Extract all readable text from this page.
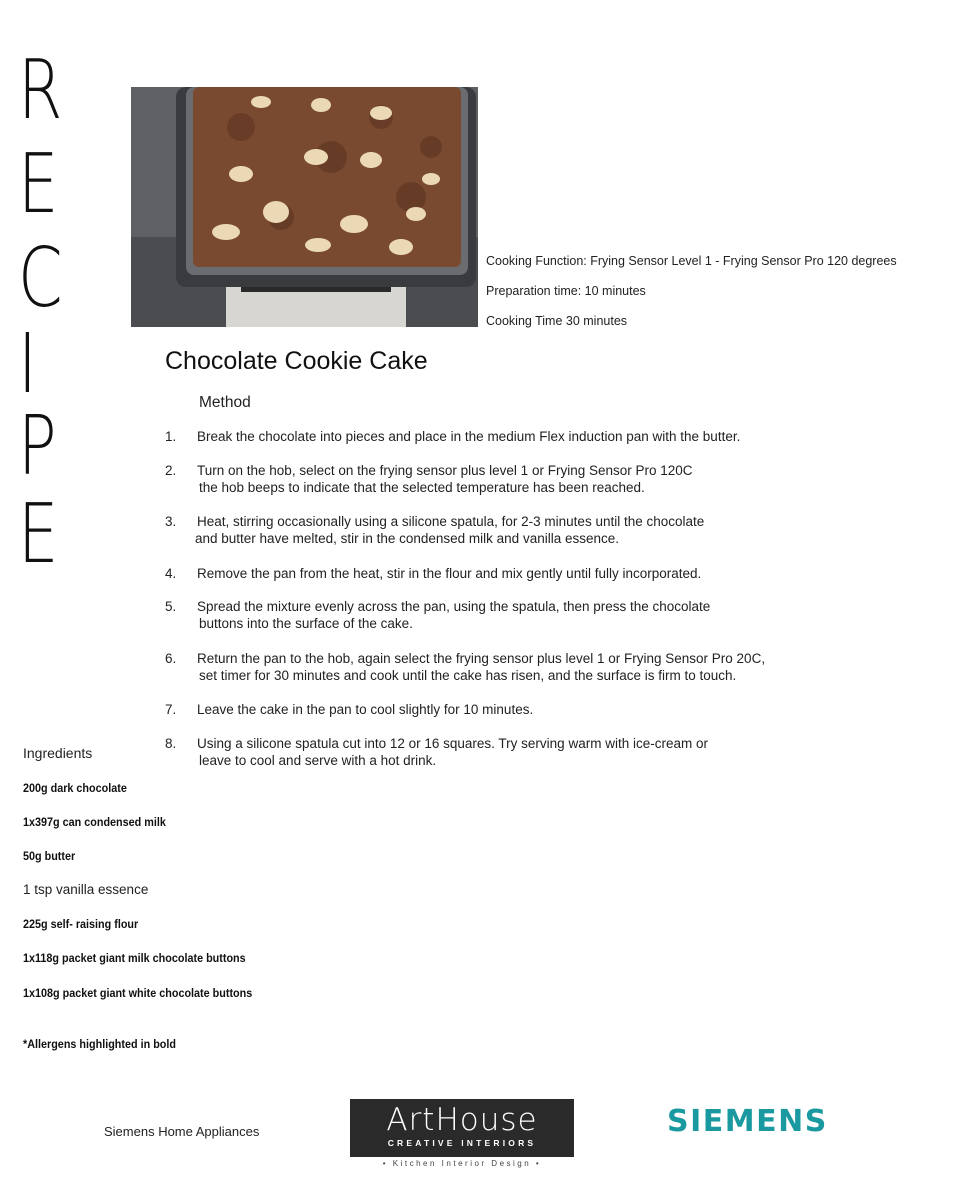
R
E
C
I
P
E
Cooking Function: Frying Sensor Level 1 - Frying Sensor Pro 120 degrees
Preparation time: 10 minutes
Cooking Time 30 minutes
Chocolate Cookie Cake
Method
1.	Break the chocolate into pieces and place in the medium Flex induction pan with the butter.
2.	Turn on the hob, select on the frying sensor plus level 1 or Frying Sensor Pro 120C
the hob beeps to indicate that the selected temperature has been reached.
3.	Heat, stirring occasionally using a silicone spatula, for 2-3 minutes until the chocolate
and butter have melted, stir in the condensed milk and vanilla essence.
4.	Remove the pan from the heat, stir in the flour and mix gently until fully incorporated.
5.	Spread the mixture evenly across the pan, using the spatula, then press the chocolate
buttons into the surface of the cake.
6.	Return the pan to the hob, again select the frying sensor plus level 1 or Frying Sensor Pro 20C,
set timer for 30 minutes and cook until the cake has risen, and the surface is firm to touch.
7.	Leave the cake in the pan to cool slightly for 10 minutes.
8.	Using a silicone spatula cut into 12 or 16 squares. Try serving warm with ice-cream or
leave to cool and serve with a hot drink.
Ingredients
200g dark chocolate
1x397g can condensed milk
50g butter
1 tsp vanilla essence
225g self- raising flour
1x118g packet giant milk chocolate buttons
1x108g packet giant white chocolate buttons
*Allergens highlighted in bold
Siemens Home Appliances	ArtHouse
CREATIVE INTERIORS
• Kitchen Interior Design •
SIEMENS
